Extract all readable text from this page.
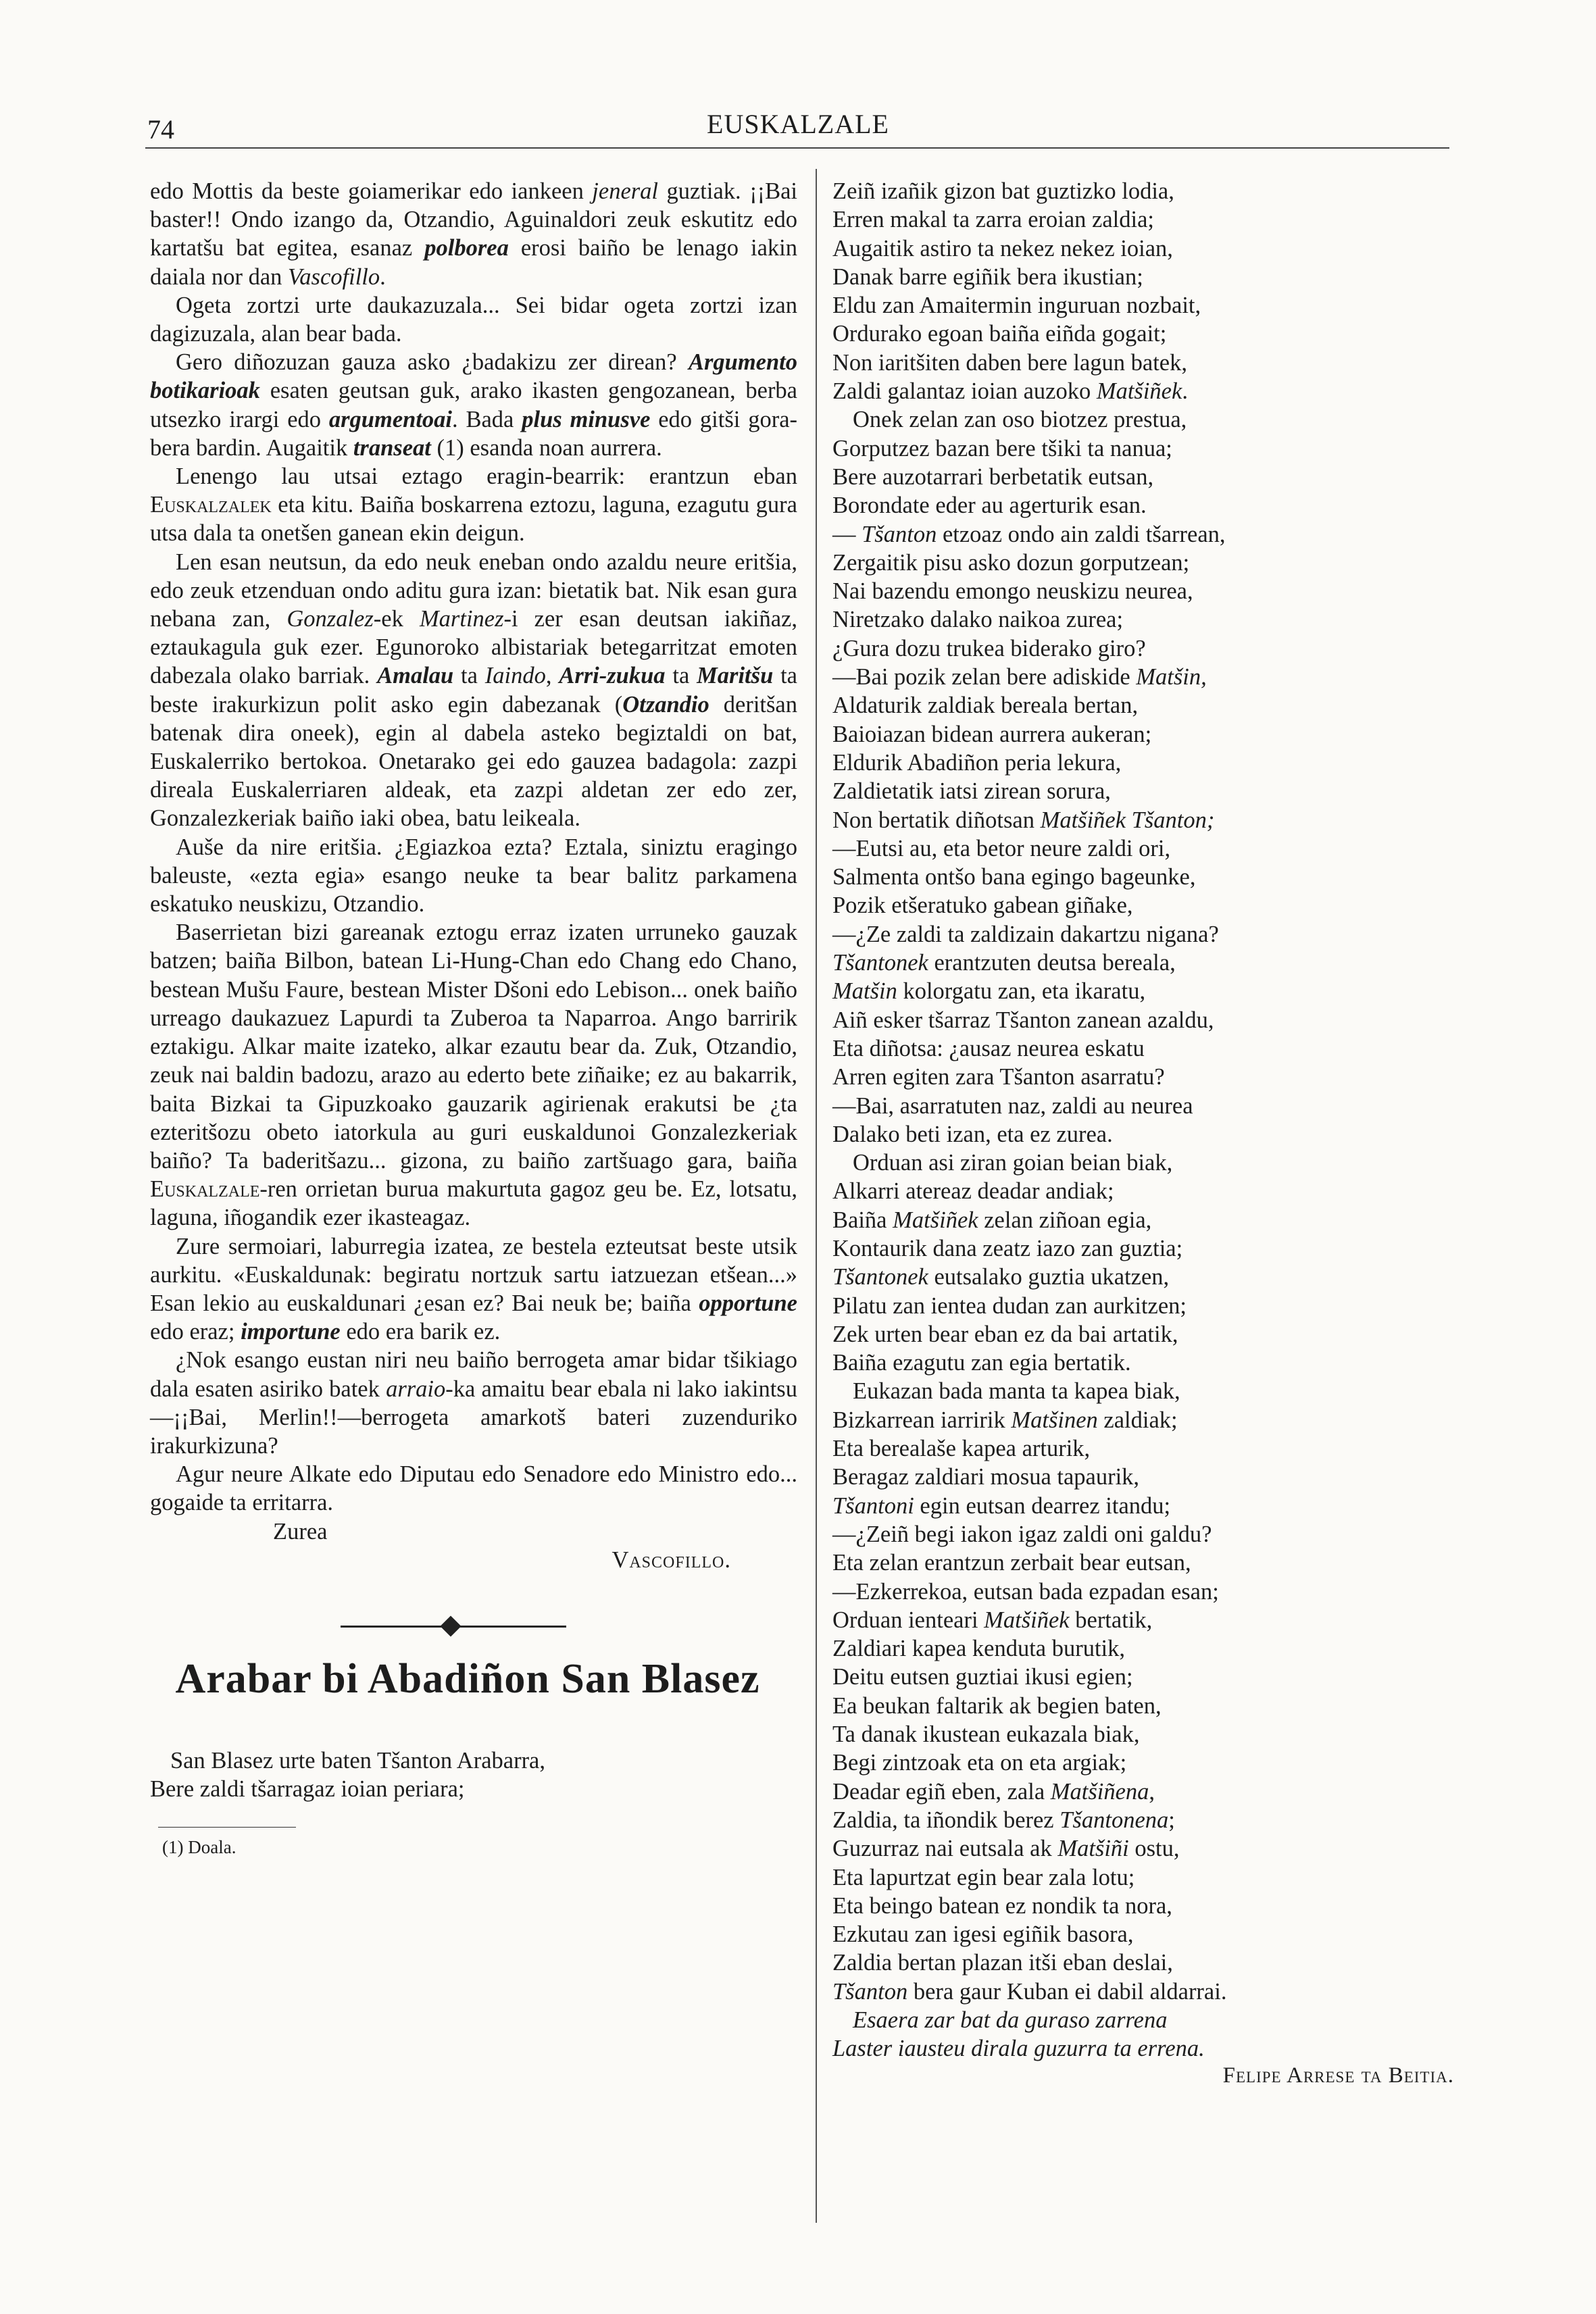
74	EUSKALZALE

edo Mottis da beste goiamerikar edo iankeen jeneral guztiak. ¡¡Bai baster!! Ondo izango da, Otzandio, Aguinaldori zeuk eskutitz edo kartatšu bat egitea, esanaz polborea erosi baiño be lenago iakin daiala nor dan Vascofillo.

Ogeta zortzi urte daukazuzala... Sei bidar ogeta zortzi izan dagizuzala, alan bear bada.

Gero diñozuzan gauza asko ¿badakizu zer direan? Argumento botikarioak esaten geutsan guk, arako ikasten gengozanean, berba utsezko irargi edo argumentoai. Bada plus minusve edo gitši gora-bera bardin. Augaitik transeat (1) esanda noan aurrera.

Lenengo lau utsai eztago eragin-bearrik: erantzun eban Euskalzalek eta kitu. Baiña boskarrena eztozu, laguna, ezagutu gura utsa dala ta onetšen ganean ekin deigun.

Len esan neutsun, da edo neuk eneban ondo azaldu neure eritšia, edo zeuk etzenduan ondo aditu gura izan: bietatik bat. Nik esan gura nebana zan, Gonzalez-ek Martinez-i zer esan deutsan iakiñaz, eztaukagula guk ezer. Egunoroko albistariak betegarritzat emoten dabezala olako barriak. Amalau ta Iaindo, Arri-zukua ta Maritšu ta beste irakurkizun polit asko egin dabezanak (Otzandio deritšan batenak dira oneek), egin al dabela asteko begiztaldi on bat, Euskalerriko bertokoa. Onetarako gei edo gauzea badagola: zazpi direala Euskalerriaren aldeak, eta zazpi aldetan zer edo zer, Gonzalezkeriak baiño iaki obea, batu leikeala.

Auše da nire eritšia. ¿Egiazkoa ezta? Eztala, siniztu eragingo baleuste, «ezta egia» esango neuke ta bear balitz parkamena eskatuko neuskizu, Otzandio.

Baserrietan bizi gareanak eztogu erraz izaten urruneko gauzak batzen; baiña Bilbon, batean Li-Hung-Chan edo Chang edo Chano, bestean Mušu Faure, bestean Mister Dšoni edo Lebison... onek baiño urreago daukazuez Lapurdi ta Zuberoa ta Naparroa. Ango barririk eztakigu. Alkar maite izateko, alkar ezautu bear da. Zuk, Otzandio, zeuk nai baldin badozu, arazo au ederto bete ziñaike; ez au bakarrik, baita Bizkai ta Gipuzkoako gauzarik agirienak erakutsi be ¿ta ezteritšozu obeto iatorkula au guri euskaldunoi Gonzalezkeriak baiño? Ta baderitšazu... gizona, zu baiño zartšuago gara, baiña Euskalzale-ren orrietan burua makurtuta gagoz geu be. Ez, lotsatu, laguna, iñogandik ezer ikasteagaz.

Zure sermoiari, laburregia izatea, ze bestela ezteutsat beste utsik aurkitu. «Euskaldunak: begiratu nortzuk sartu iatzuezan etšean...» Esan lekio au euskaldunari ¿esan ez? Bai neuk be; baiña opportune edo eraz; importune edo era barik ez.

¿Nok esango eustan niri neu baiño berrogeta amar bidar tšikiago dala esaten asiriko batek arraio-ka amaitu bear ebala ni lako iakintsu—¡¡Bai, Merlin!!—berrogeta amarkotš bateri zuzenduriko irakurkizuna?

Agur neure Alkate edo Diputau edo Senadore edo Ministro edo... gogaide ta erritarra.

Zurea

Vascofillo.

Arabar bi Abadiñon San Blasez

San Blasez urte baten Tšanton Arabarra,

Bere zaldi tšarragaz ioian periara;

(1) Doala.

Zeiñ izañik gizon bat guztizko lodia,

Erren makal ta zarra eroian zaldia;

Augaitik astiro ta nekez nekez ioian,

Danak barre egiñik bera ikustian;

Eldu zan Amaitermin inguruan nozbait,

Ordurako egoan baiña eiñda gogait;

Non iaritšiten daben bere lagun batek,

Zaldi galantaz ioian auzoko Matšiñek.

Onek zelan zan oso biotzez prestua,

Gorputzez bazan bere tšiki ta nanua;

Bere auzotarrari berbetatik eutsan,

Borondate eder au agerturik esan.

— Tšanton etzoaz ondo ain zaldi tšarrean,

Zergaitik pisu asko dozun gorputzean;

Nai bazendu emongo neuskizu neurea,

Niretzako dalako naikoa zurea;

¿Gura dozu trukea biderako giro?

—Bai pozik zelan bere adiskide Matšin,

Aldaturik zaldiak bereala bertan,

Baioiazan bidean aurrera aukeran;

Eldurik Abadiñon peria lekura,

Zaldietatik iatsi zirean sorura,

Non bertatik diñotsan Matšiñek Tšanton;

—Eutsi au, eta betor neure zaldi ori,

Salmenta ontšo bana egingo bageunke,

Pozik etšeratuko gabean giñake,

—¿Ze zaldi ta zaldizain dakartzu nigana?

Tšantonek erantzuten deutsa bereala,

Matšin kolorgatu zan, eta ikaratu,

Aiñ esker tšarraz Tšanton zanean azaldu,

Eta diñotsa: ¿ausaz neurea eskatu

Arren egiten zara Tšanton asarratu?

—Bai, asarratuten naz, zaldi au neurea

Dalako beti izan, eta ez zurea.

Orduan asi ziran goian beian biak,

Alkarri atereaz deadar andiak;

Baiña Matšiñek zelan ziñoan egia,

Kontaurik dana zeatz iazo zan guztia;

Tšantonek eutsalako guztia ukatzen,

Pilatu zan ientea dudan zan aurkitzen;

Zek urten bear eban ez da bai artatik,

Baiña ezagutu zan egia bertatik.

Eukazan bada manta ta kapea biak,

Bizkarrean iarririk Matšinen zaldiak;

Eta berealaše kapea arturik,

Beragaz zaldiari mosua tapaurik,

Tšantoni egin eutsan dearrez itandu;

—¿Zeiñ begi iakon igaz zaldi oni galdu?

Eta zelan erantzun zerbait bear eutsan,

—Ezkerrekoa, eutsan bada ezpadan esan;

Orduan ienteari Matšiñek bertatik,

Zaldiari kapea kenduta burutik,

Deitu eutsen guztiai ikusi egien;

Ea beukan faltarik ak begien baten,

Ta danak ikustean eukazala biak,

Begi zintzoak eta on eta argiak;

Deadar egiñ eben, zala Matšiñena,

Zaldia, ta iñondik berez Tšantonena;

Guzurraz nai eutsala ak Matšiñi ostu,

Eta lapurtzat egin bear zala lotu;

Eta beingo batean ez nondik ta nora,

Ezkutau zan igesi egiñik basora,

Zaldia bertan plazan itši eban deslai,

Tšanton bera gaur Kuban ei dabil aldarrai.

Esaera zar bat da guraso zarrena

Laster iausteu dirala guzurra ta errena.

Felipe Arrese ta Beitia.
